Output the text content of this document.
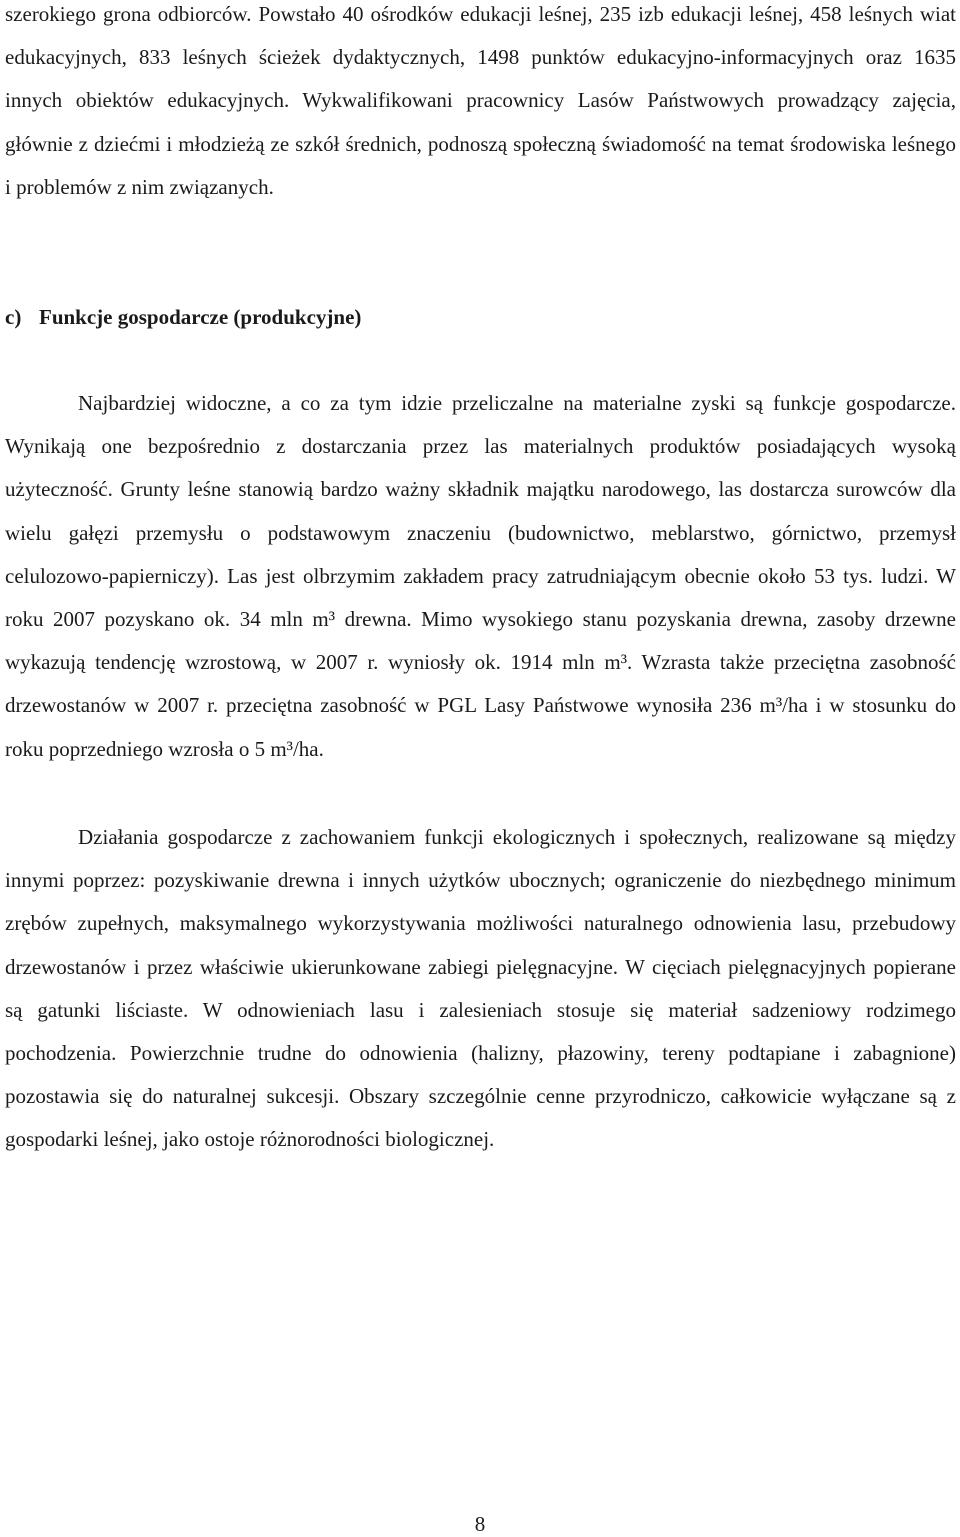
szerokiego grona odbiorców. Powstało 40 ośrodków edukacji leśnej, 235 izb edukacji leśnej, 458 leśnych wiat edukacyjnych, 833 leśnych ścieżek dydaktycznych, 1498 punktów edukacyjno-informacyjnych oraz 1635 innych obiektów edukacyjnych. Wykwalifikowani pracownicy Lasów Państwowych prowadzący zajęcia, głównie z dziećmi i młodzieżą ze szkół średnich, podnoszą społeczną świadomość na temat środowiska leśnego i problemów z nim związanych.

c) Funkcje gospodarcze (produkcyjne)

Najbardziej widoczne, a co za tym idzie przeliczalne na materialne zyski są funkcje gospodarcze. Wynikają one bezpośrednio z dostarczania przez las materialnych produktów posiadających wysoką użyteczność. Grunty leśne stanowią bardzo ważny składnik majątku narodowego, las dostarcza surowców dla wielu gałęzi przemysłu o podstawowym znaczeniu (budownictwo, meblarstwo, górnictwo, przemysł celulozowo-papierniczy). Las jest olbrzymim zakładem pracy zatrudniającym obecnie około 53 tys. ludzi. W roku 2007 pozyskano ok. 34 mln m³ drewna. Mimo wysokiego stanu pozyskania drewna, zasoby drzewne wykazują tendencję wzrostową, w 2007 r. wyniosły ok. 1914 mln m³. Wzrasta także przeciętna zasobność drzewostanów w 2007 r. przeciętna zasobność w PGL Lasy Państwowe wynosiła 236 m³/ha i w stosunku do roku poprzedniego wzrosła o 5 m³/ha.

Działania gospodarcze z zachowaniem funkcji ekologicznych i społecznych, realizowane są między innymi poprzez: pozyskiwanie drewna i innych użytków ubocznych; ograniczenie do niezbędnego minimum zrębów zupełnych, maksymalnego wykorzystywania możliwości naturalnego odnowienia lasu, przebudowy drzewostanów i przez właściwie ukierunkowane zabiegi pielęgnacyjne. W cięciach pielęgnacyjnych popierane są gatunki liściaste. W odnowieniach lasu i zalesieniach stosuje się materiał sadzeniowy rodzimego pochodzenia. Powierzchnie trudne do odnowienia (halizny, płazowiny, tereny podtapiane i zabagnione) pozostawia się do naturalnej sukcesji. Obszary szczególnie cenne przyrodniczo, całkowicie wyłączane są z gospodarki leśnej, jako ostoje różnorodności biologicznej.

8
